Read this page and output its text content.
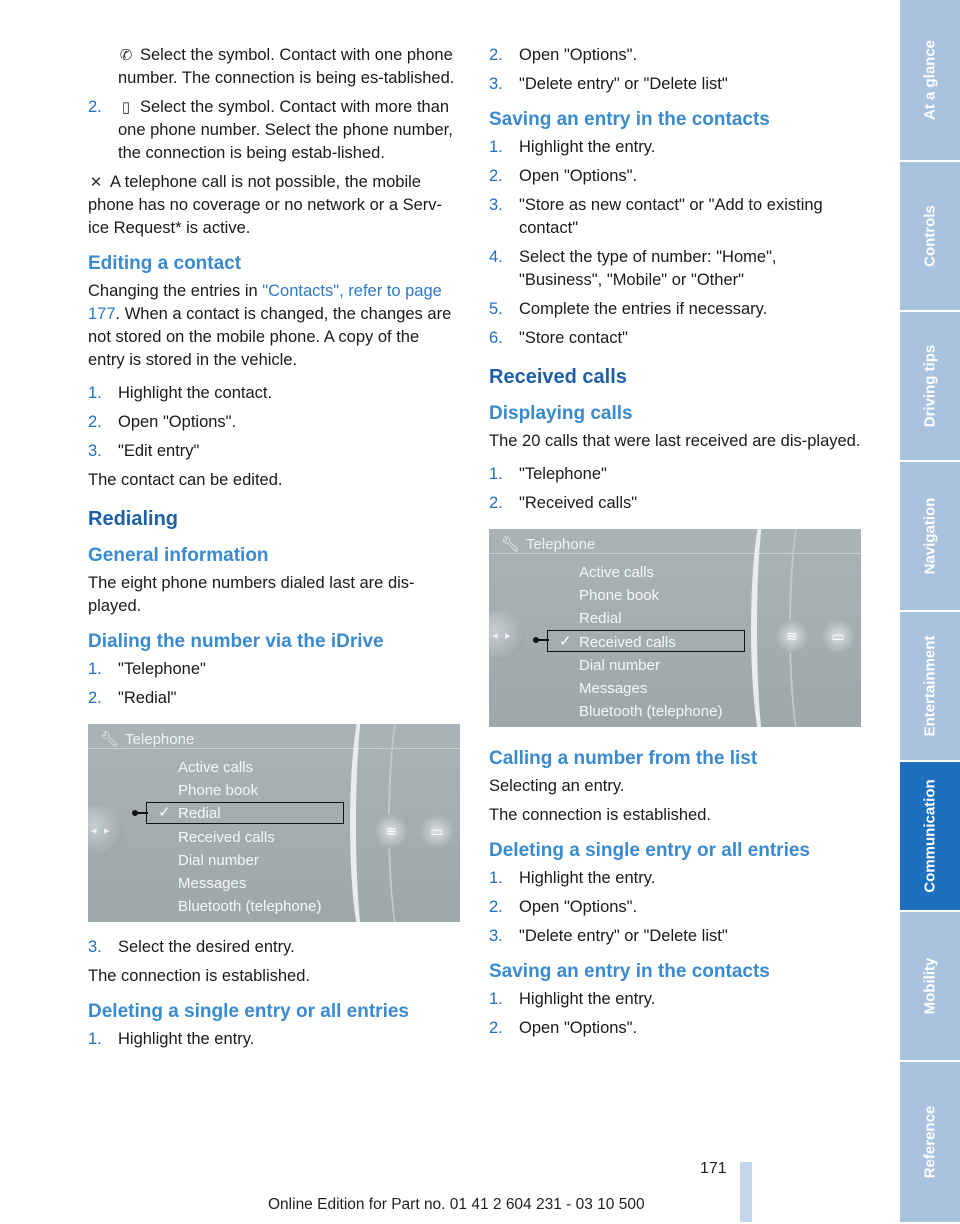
✆ Select the symbol. Contact with one phone number. The connection is being es-tablished.

2.	▯ Select the symbol. Contact with more than one phone number. Select the phone number, the connection is being estab-lished.

✕ A telephone call is not possible, the mobile phone has no coverage or no network or a Serv-ice Request* is active.

Editing a contact

Changing the entries in "Contacts", refer to page 177. When a contact is changed, the changes are not stored on the mobile phone. A copy of the entry is stored in the vehicle.

1. Highlight the contact.
2. Open "Options".
3. "Edit entry"

The contact can be edited.

Redialing
General information

The eight phone numbers dialed last are dis-played.

Dialing the number via the iDrive
1. "Telephone"
2. "Redial"
🔧︎ Telephone
Active calls
Phone book
Redial
Received calls
Dial number
Messages
Bluetooth (telephone)
✓
◂ ▸	≋	▭
3. Select the desired entry.

The connection is established.

Deleting a single entry or all entries
1. Highlight the entry.
2. Open "Options".
3. "Delete entry" or "Delete list"
Saving an entry in the contacts
1. Highlight the entry.
2. Open "Options".
3. "Store as new contact" or "Add to existing contact"
4. Select the type of number: "Home", "Business", "Mobile" or "Other"
5. Complete the entries if necessary.
6. "Store contact"
Received calls
Displaying calls

The 20 calls that were last received are dis-played.

1. "Telephone"
2. "Received calls"
🔧︎ Telephone
Active calls
Phone book
Redial
Received calls
Dial number
Messages
Bluetooth (telephone)
✓
◂ ▸	≋	▭
Calling a number from the list

Selecting an entry.

The connection is established.

Deleting a single entry or all entries
1. Highlight the entry.
2. Open "Options".
3. "Delete entry" or "Delete list"
Saving an entry in the contacts
1. Highlight the entry.
2. Open "Options".
At a glance
Controls
Driving tips
Navigation
Entertainment
Communication
Mobility
Reference
171
Online Edition for Part no. 01 41 2 604 231 - 03 10 500
